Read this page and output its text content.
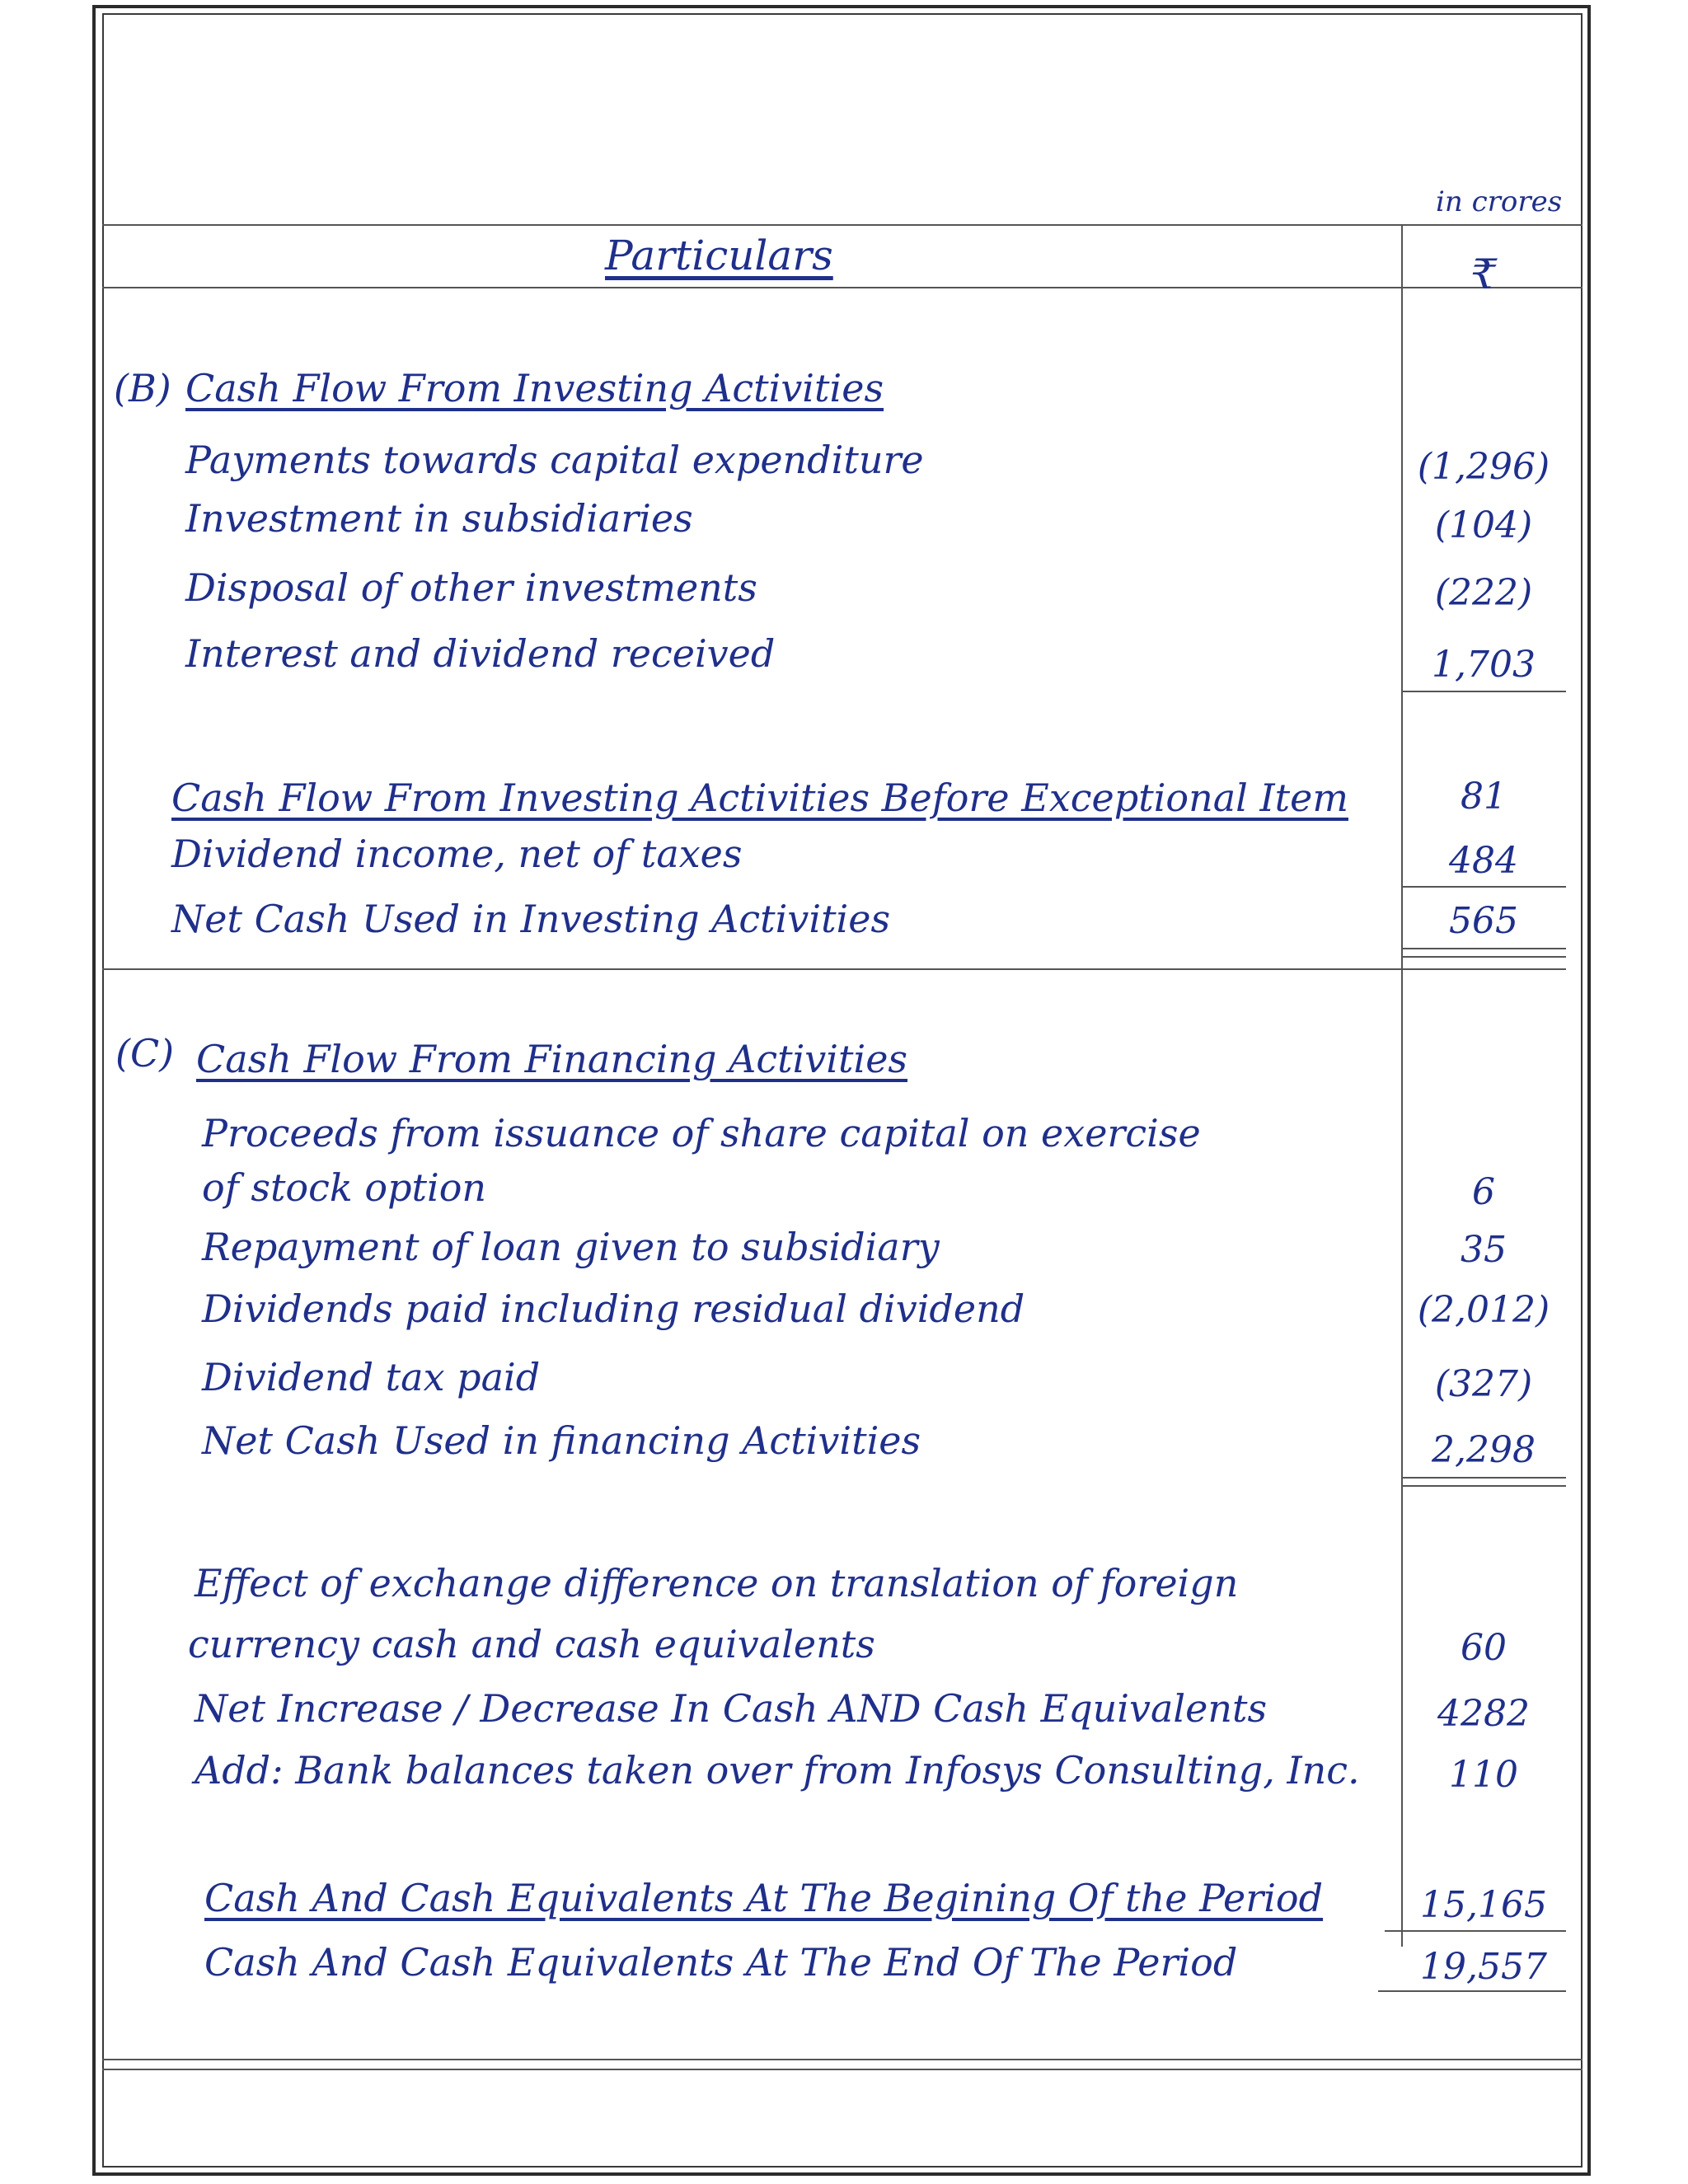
in crores
Particulars	₹
(B) Cash Flow From Investing Activities
Payments towards capital expenditure	(1,296)
Investment in subsidiaries	(104)
Disposal of other investments	(222)
Interest and dividend received	1,703
Cash Flow From Investing Activities Before Exceptional Item	81
Dividend income, net of taxes	484
Net Cash Used in Investing Activities	565
(C) Cash Flow From Financing Activities
Proceeds from issuance of share capital on exercise
of stock option	6
Repayment of loan given to subsidiary	35
Dividends paid including residual dividend	(2,012)
Dividend tax paid	(327)
Net Cash Used in financing Activities	2,298
Effect of exchange difference on translation of foreign
currency cash and cash equivalents	60
Net Increase / Decrease In Cash AND Cash Equivalents	4282
Add: Bank balances taken over from Infosys Consulting, Inc.	110
Cash And Cash Equivalents At The Begining Of the Period	15,165
Cash And Cash Equivalents At The End Of The Period	19,557
